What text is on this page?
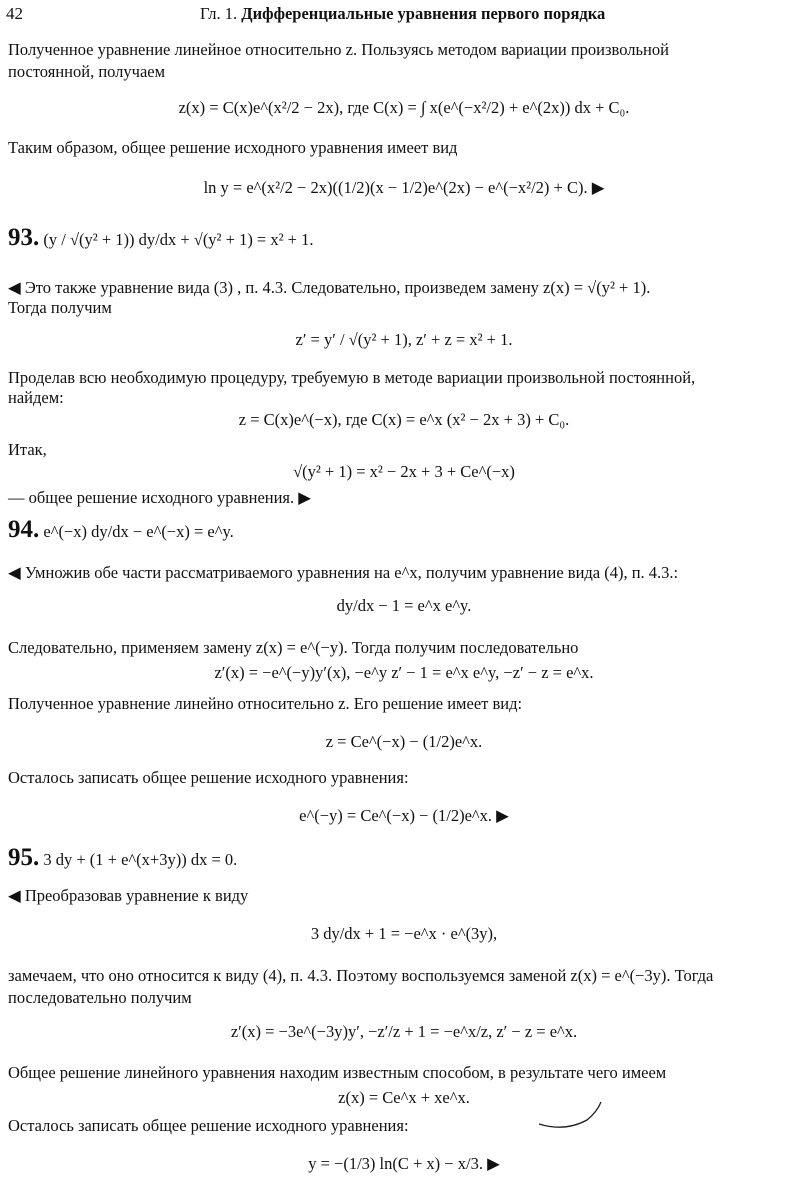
42	Гл. 1. Дифференциальные уравнения первого порядка
Полученное уравнение линейное относительно z. Пользуясь методом вариации произвольной
постоянной, получаем
z(x) = C(x)e^(x²/2 − 2x), где C(x) = ∫ x(e^(−x²/2) + e^(2x)) dx + C₀.
Таким образом, общее решение исходного уравнения имеет вид
ln y = e^(x²/2 − 2x)((1/2)(x − 1/2)e^(2x) − e^(−x²/2) + C). ▶
93. (y / √(y² + 1)) dy/dx + √(y² + 1) = x² + 1.
◀ Это также уравнение вида (3) , п. 4.3. Следовательно, произведем замену z(x) = √(y² + 1).
Тогда получим
z′ = y′ / √(y² + 1), z′ + z = x² + 1.
Проделав всю необходимую процедуру, требуемую в методе вариации произвольной постоянной,
найдем:
z = C(x)e^(−x), где C(x) = e^x (x² − 2x + 3) + C₀.
Итак,
√(y² + 1) = x² − 2x + 3 + Ce^(−x)
— общее решение исходного уравнения. ▶
94. e^(−x) dy/dx − e^(−x) = e^y.
◀ Умножив обе части рассматриваемого уравнения на e^x, получим уравнение вида (4), п. 4.3.:
dy/dx − 1 = e^x e^y.
Следовательно, применяем замену z(x) = e^(−y). Тогда получим последовательно
z′(x) = −e^(−y)y′(x), −e^y z′ − 1 = e^x e^y, −z′ − z = e^x.
Полученное уравнение линейно относительно z. Его решение имеет вид:
z = Ce^(−x) − (1/2)e^x.
Осталось записать общее решение исходного уравнения:
e^(−y) = Ce^(−x) − (1/2)e^x. ▶
95. 3 dy + (1 + e^(x+3y)) dx = 0.
◀ Преобразовав уравнение к виду
3 dy/dx + 1 = −e^x · e^(3y),
замечаем, что оно относится к виду (4), п. 4.3. Поэтому воспользуемся заменой z(x) = e^(−3y). Тогда
последовательно получим
z′(x) = −3e^(−3y)y′, −z′/z + 1 = −e^x/z, z′ − z = e^x.
Общее решение линейного уравнения находим известным способом, в результате чего имеем
z(x) = Ce^x + xe^x.
Осталось записать общее решение исходного уравнения:
y = −(1/3) ln(C + x) − x/3. ▶
